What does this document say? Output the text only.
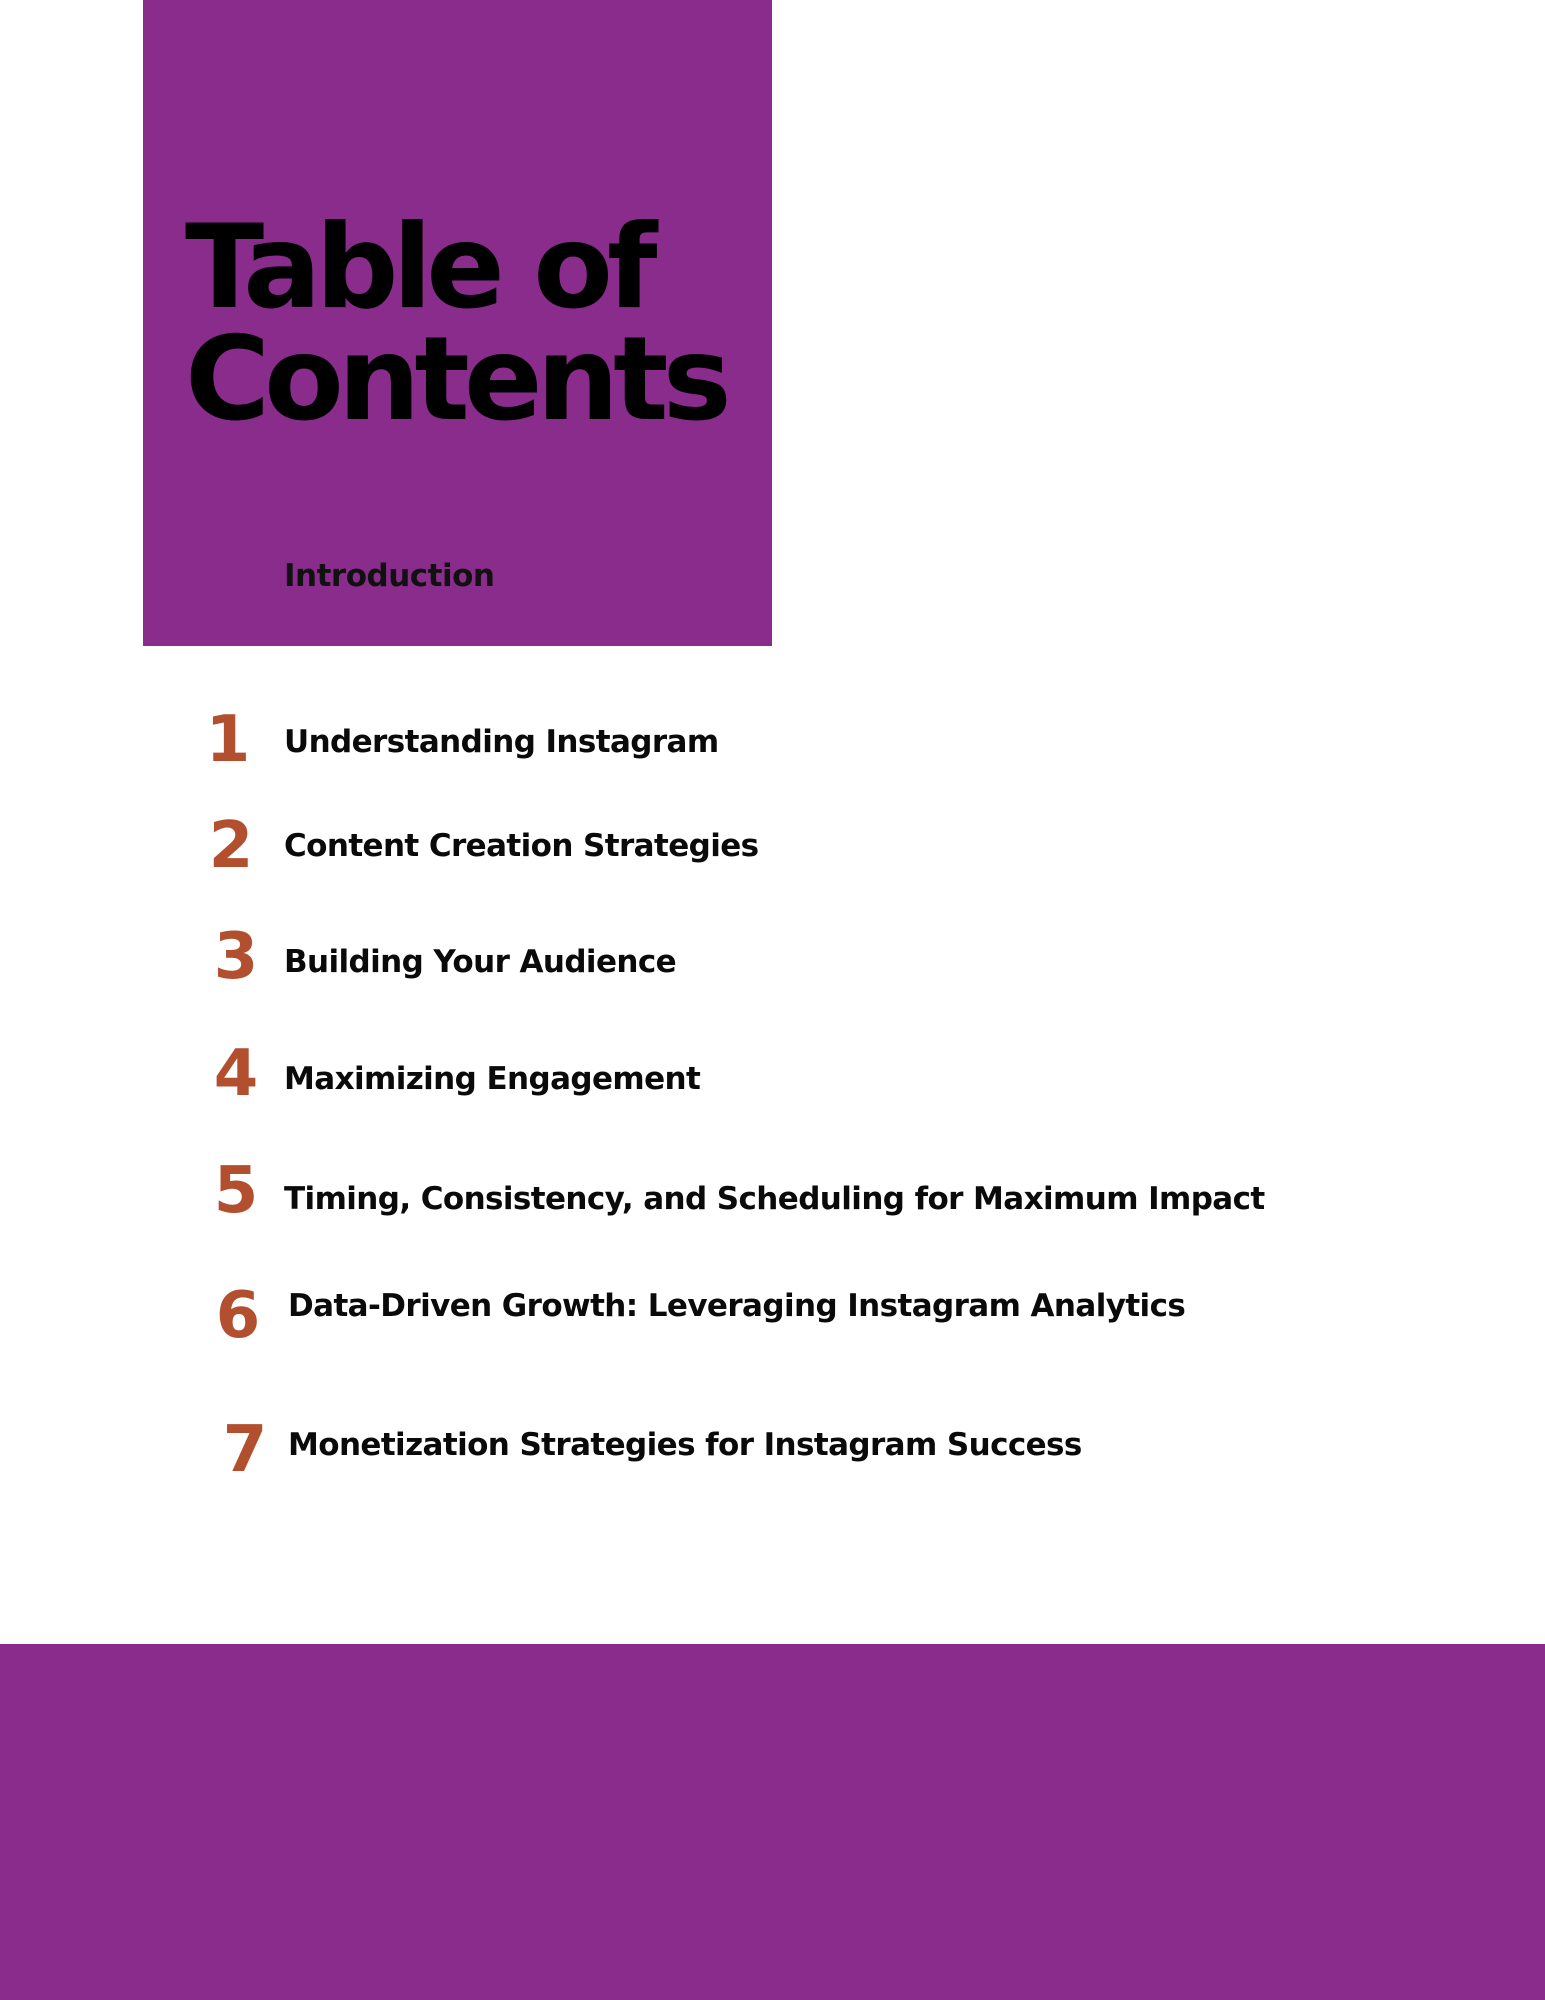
Table of
Contents
Introduction
1 Understanding Instagram
2 Content Creation Strategies
3 Building Your Audience
4 Maximizing Engagement
5 Timing, Consistency, and Scheduling for Maximum Impact
6 Data-Driven Growth: Leveraging Instagram Analytics
7 Monetization Strategies for Instagram Success
